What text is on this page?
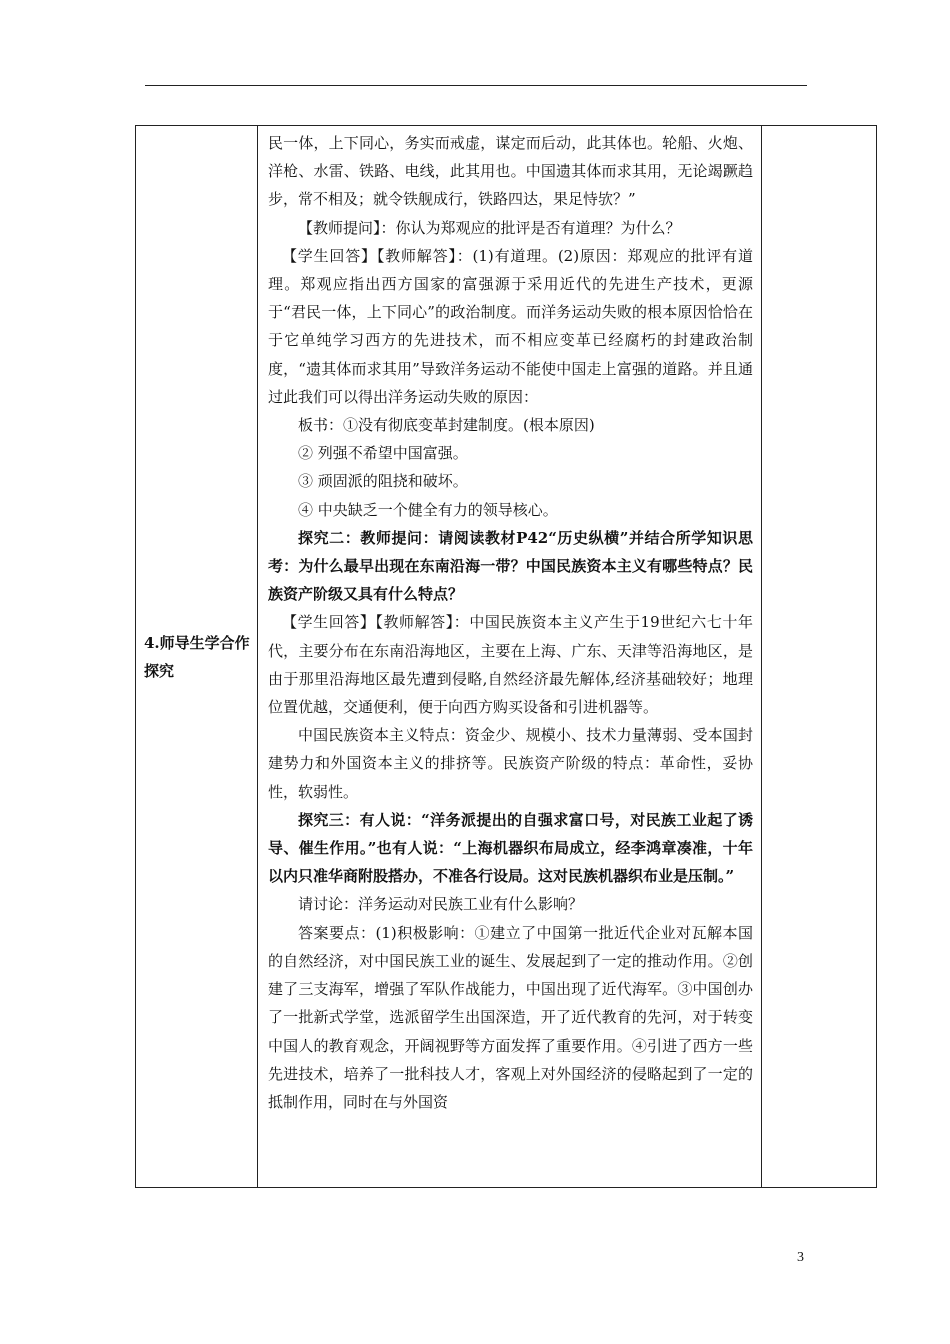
4.师导生学合作探究

民一体，上下同心，务实而戒虚，谋定而后动，此其体也。轮船、火炮、洋枪、水雷、铁路、电线，此其用也。中国遗其体而求其用，无论竭蹶趋步，常不相及；就令铁舰成行，铁路四达，果足恃欤？”

【教师提问】：你认为郑观应的批评是否有道理？为什么？

【学生回答】【教师解答】：(1)有道理。(2)原因：郑观应的批评有道理。郑观应指出西方国家的富强源于采用近代的先进生产技术，更源于“君民一体，上下同心”的政治制度。而洋务运动失败的根本原因恰恰在于它单纯学习西方的先进技术，而不相应变革已经腐朽的封建政治制度，“遗其体而求其用”导致洋务运动不能使中国走上富强的道路。并且通过此我们可以得出洋务运动失败的原因：

板书：①没有彻底变革封建制度。(根本原因)

② 列强不希望中国富强。

③ 顽固派的阻挠和破坏。

④ 中央缺乏一个健全有力的领导核心。

探究二：教师提问：请阅读教材P42“历史纵横”并结合所学知识思考：为什么最早出现在东南沿海一带？中国民族资本主义有哪些特点？民族资产阶级又具有什么特点？

【学生回答】【教师解答】：中国民族资本主义产生于19世纪六七十年代，主要分布在东南沿海地区，主要在上海、广东、天津等沿海地区，是由于那里沿海地区最先遭到侵略,自然经济最先解体,经济基础较好；地理位置优越，交通便利，便于向西方购买设备和引进机器等。

中国民族资本主义特点：资金少、规模小、技术力量薄弱、受本国封建势力和外国资本主义的排挤等。民族资产阶级的特点：革命性，妥协性，软弱性。

探究三：有人说：“洋务派提出的自强求富口号，对民族工业起了诱导、催生作用。”也有人说：“上海机器织布局成立，经李鸿章凑准，十年以内只准华商附股搭办，不准各行设局。这对民族机器织布业是压制。”

请讨论：洋务运动对民族工业有什么影响？

答案要点：(1)积极影响：①建立了中国第一批近代企业对瓦解本国的自然经济，对中国民族工业的诞生、发展起到了一定的推动作用。②创建了三支海军，增强了军队作战能力，中国出现了近代海军。③中国创办了一批新式学堂，选派留学生出国深造，开了近代教育的先河，对于转变中国人的教育观念，开阔视野等方面发挥了重要作用。④引进了西方一些先进技术，培养了一批科技人才，客观上对外国经济的侵略起到了一定的抵制作用，同时在与外国资

3
